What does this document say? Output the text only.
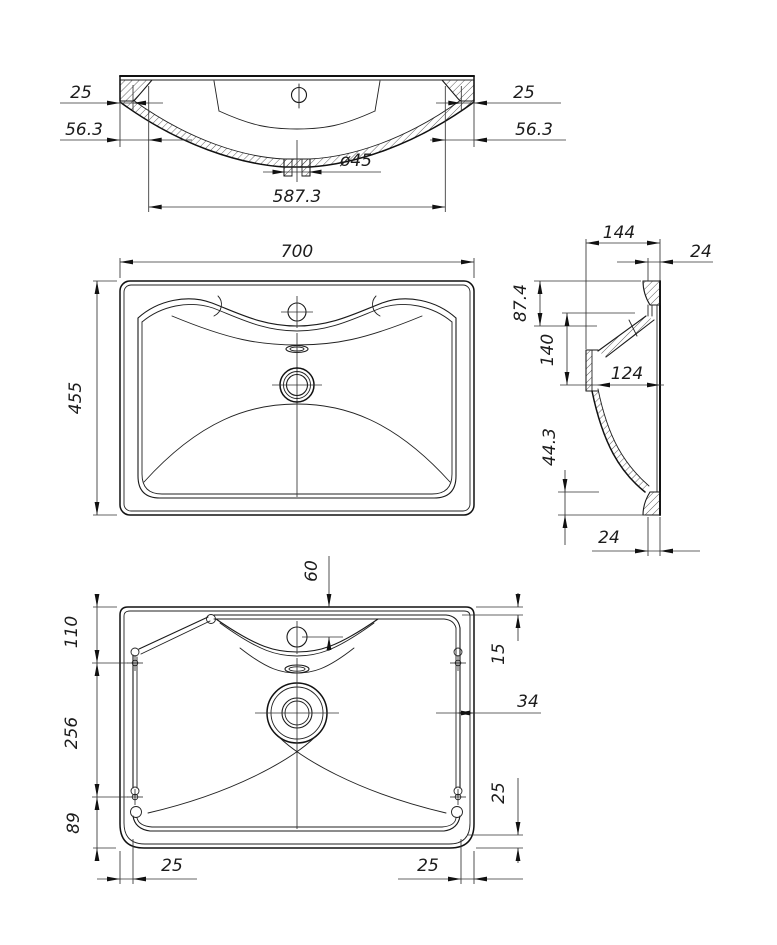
25
56.3
25
56.3
ø45
587.3
700
455
144
24
87.4
140
124
44.3
24
60
110
256
89
15
25
34
25	25
